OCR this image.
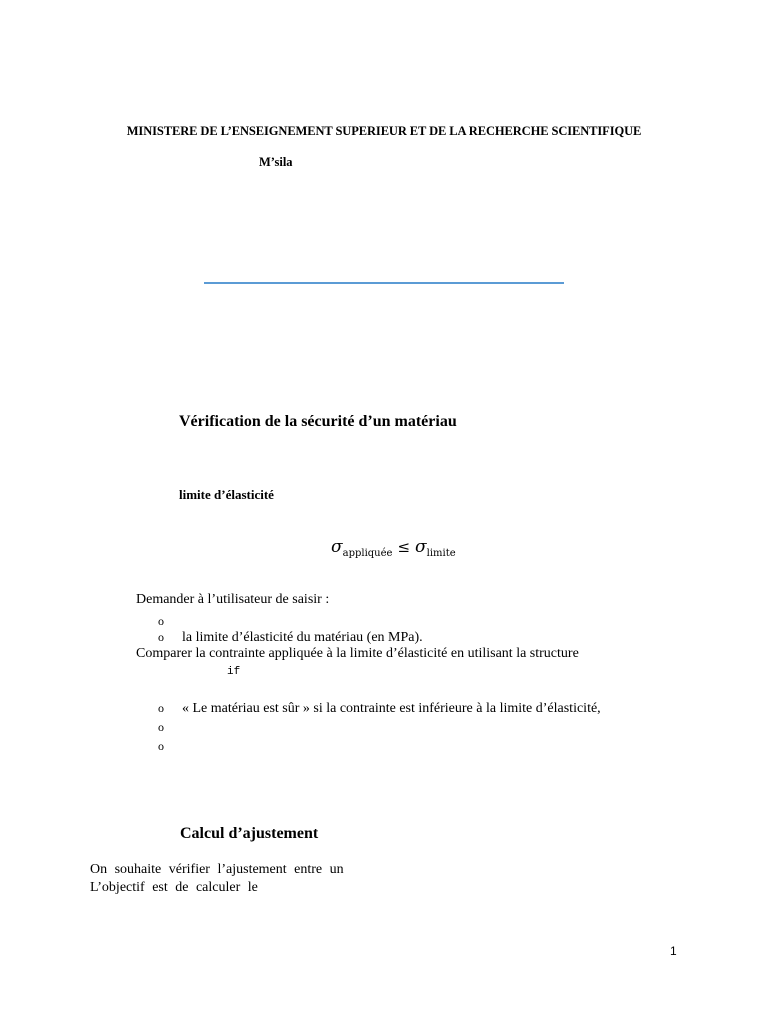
MINISTERE DE L’ENSEIGNEMENT SUPERIEUR ET DE LA RECHERCHE SCIENTIFIQUE
M’sila
Vérification de la sécurité d’un matériau
limite d’élasticité
$\sigma_{appliquée} \le \sigma_{limite}$
Demander à l’utilisateur de saisir :
o
o la limite d’élasticité du matériau (en MPa).
Comparer la contrainte appliquée à la limite d’élasticité en utilisant la structure
if
o « Le matériau est sûr » si la contrainte est inférieure à la limite d’élasticité,
o
o
Calcul d’ajustement
On souhaite vérifier l’ajustement entre un
L’objectif est de calculer le
1
